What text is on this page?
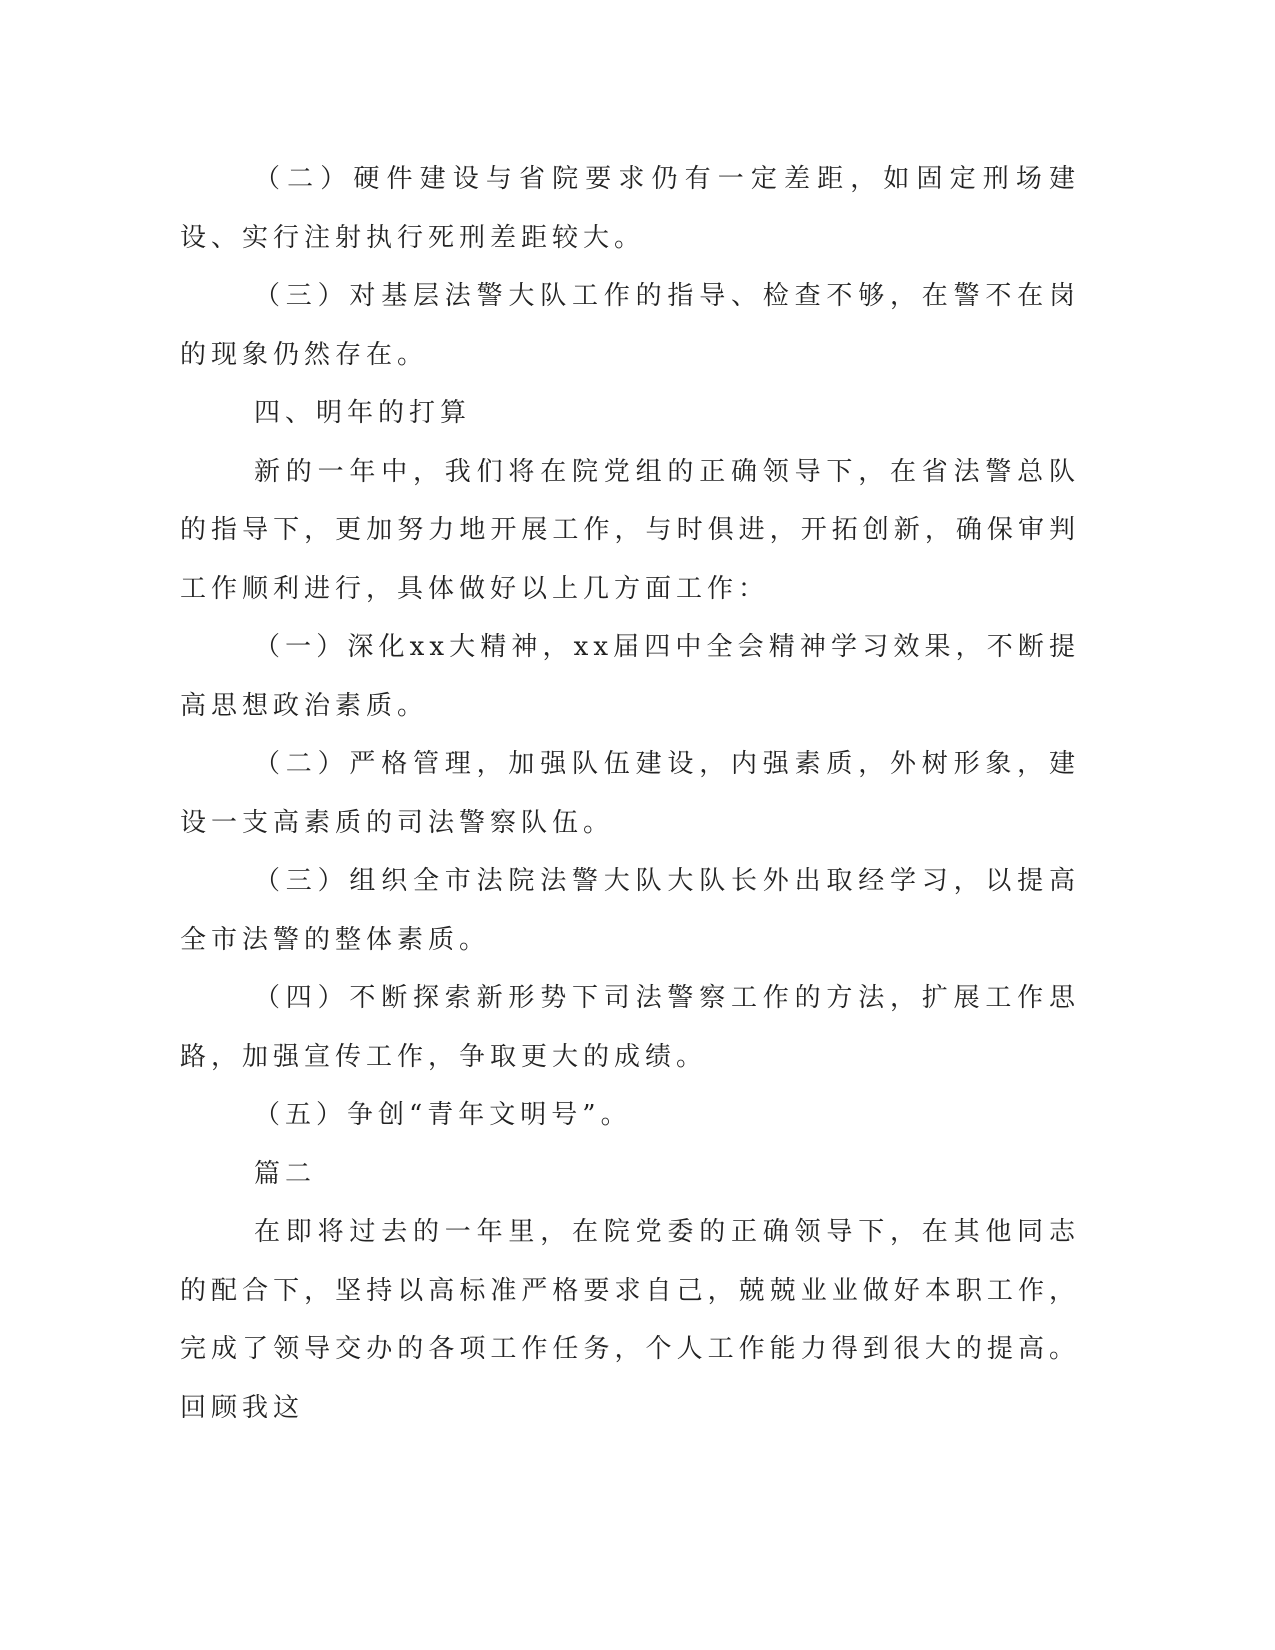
（二）硬件建设与省院要求仍有一定差距，如固定刑场建设、实行注射执行死刑差距较大。

（三）对基层法警大队工作的指导、检查不够，在警不在岗的现象仍然存在。

四、明年的打算

新的一年中，我们将在院党组的正确领导下，在省法警总队的指导下，更加努力地开展工作，与时俱进，开拓创新，确保审判工作顺利进行，具体做好以上几方面工作：

（一）深化xx大精神，xx届四中全会精神学习效果，不断提高思想政治素质。

（二）严格管理，加强队伍建设，内强素质，外树形象，建设一支高素质的司法警察队伍。

（三）组织全市法院法警大队大队长外出取经学习，以提高全市法警的整体素质。

（四）不断探索新形势下司法警察工作的方法，扩展工作思路，加强宣传工作，争取更大的成绩。

（五）争创“青年文明号”。

篇二

在即将过去的一年里，在院党委的正确领导下，在其他同志的配合下，坚持以高标准严格要求自己，兢兢业业做好本职工作，完成了领导交办的各项工作任务，个人工作能力得到很大的提高。回顾我这
